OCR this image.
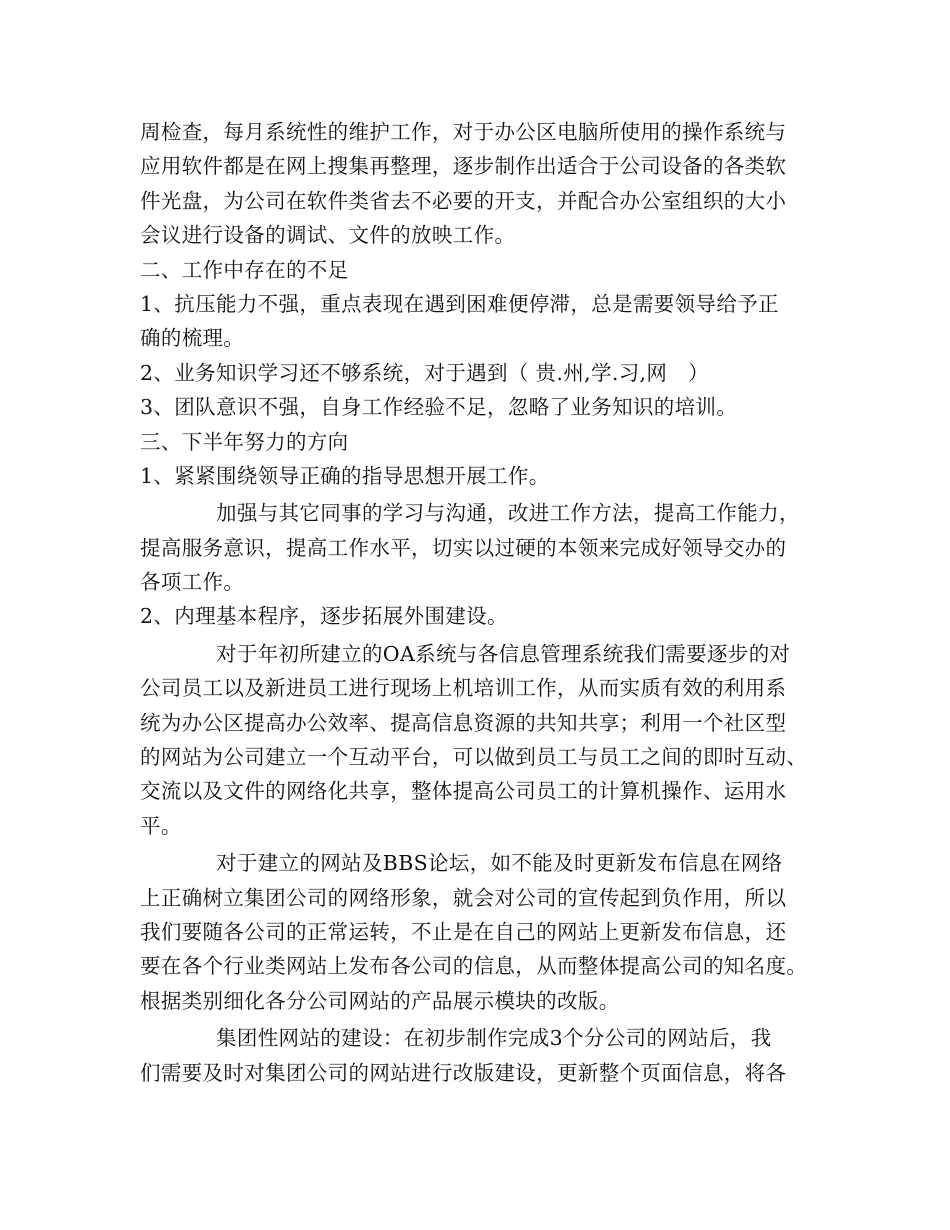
周检查，每月系统性的维护工作，对于办公区电脑所使用的操作系统与
应用软件都是在网上搜集再整理，逐步制作出适合于公司设备的各类软
件光盘，为公司在软件类省去不必要的开支，并配合办公室组织的大小
会议进行设备的调试、文件的放映工作。
二、工作中存在的不足
1、抗压能力不强，重点表现在遇到困难便停滞，总是需要领导给予正
确的梳理。
2、业务知识学习还不够系统，对于遇到（ 贵.州,学.习,网　）
3、团队意识不强，自身工作经验不足，忽略了业务知识的培训。
三、下半年努力的方向
1、紧紧围绕领导正确的指导思想开展工作。
加强与其它同事的学习与沟通，改进工作方法，提高工作能力，
提高服务意识，提高工作水平，切实以过硬的本领来完成好领导交办的
各项工作。
2、内理基本程序，逐步拓展外围建设。
对于年初所建立的OA系统与各信息管理系统我们需要逐步的对
公司员工以及新进员工进行现场上机培训工作，从而实质有效的利用系
统为办公区提高办公效率、提高信息资源的共知共享；利用一个社区型
的网站为公司建立一个互动平台，可以做到员工与员工之间的即时互动、
交流以及文件的网络化共享，整体提高公司员工的计算机操作、运用水
平。
对于建立的网站及BBS论坛，如不能及时更新发布信息在网络
上正确树立集团公司的网络形象，就会对公司的宣传起到负作用，所以
我们要随各公司的正常运转，不止是在自己的网站上更新发布信息，还
要在各个行业类网站上发布各公司的信息，从而整体提高公司的知名度。
根据类别细化各分公司网站的产品展示模块的改版。
集团性网站的建设：在初步制作完成3个分公司的网站后，我
们需要及时对集团公司的网站进行改版建设，更新整个页面信息，将各
